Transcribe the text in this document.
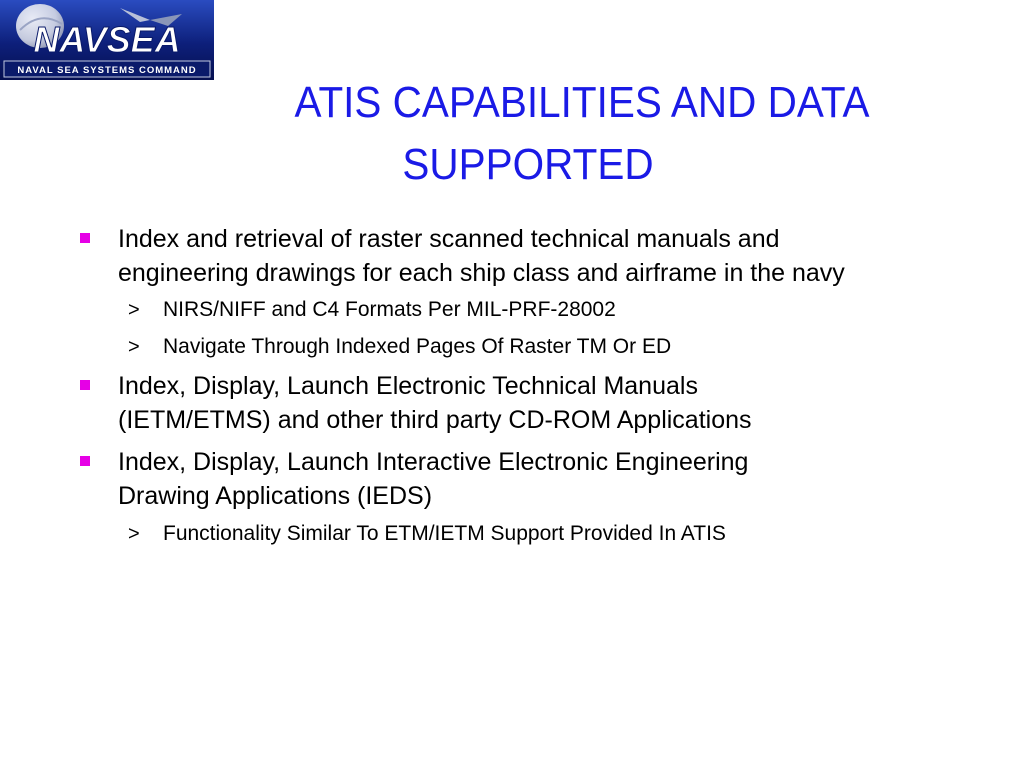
NAVSEA
NAVAL SEA SYSTEMS COMMAND
ATIS CAPABILITIES AND DATA
SUPPORTED
Index and retrieval of raster scanned technical manuals and
engineering drawings for each ship class and airframe in the navy
> NIRS/NIFF and C4 Formats Per MIL-PRF-28002
> Navigate Through Indexed Pages Of Raster TM Or ED
Index, Display, Launch Electronic Technical Manuals
(IETM/ETMS) and other third party CD-ROM Applications
Index, Display, Launch Interactive Electronic Engineering
Drawing Applications (IEDS)
> Functionality Similar To ETM/IETM Support Provided In ATIS
